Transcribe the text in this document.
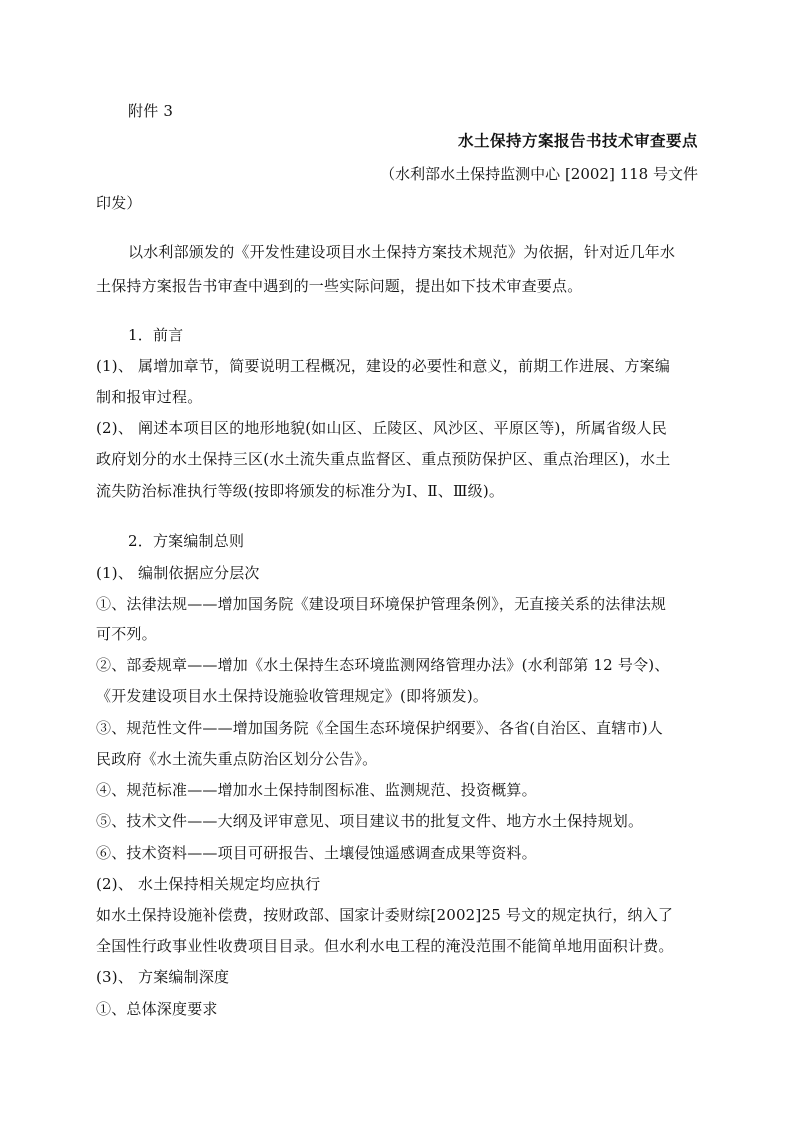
附件 3
水土保持方案报告书技术审查要点
（水利部水土保持监测中心 [2002] 118 号文件
印发）
以水利部颁发的《开发性建设项目水土保持方案技术规范》为依据，针对近几年水
土保持方案报告书审查中遇到的一些实际问题，提出如下技术审查要点。
1．前言
(1)、 属增加章节，简要说明工程概况，建设的必要性和意义，前期工作进展、方案编
制和报审过程。
(2)、 阐述本项目区的地形地貌(如山区、丘陵区、风沙区、平原区等)，所属省级人民
政府划分的水土保持三区(水土流失重点监督区、重点预防保护区、重点治理区)，水土
流失防治标准执行等级(按即将颁发的标准分为Ⅰ、Ⅱ、Ⅲ级)。
2．方案编制总则
(1)、 编制依据应分层次
①、法律法规——增加国务院《建设项目环境保护管理条例》，无直接关系的法律法规
可不列。
②、部委规章——增加《水土保持生态环境监测网络管理办法》(水利部第 12 号令)、
《开发建设项目水土保持设施验收管理规定》(即将颁发)。
③、规范性文件——增加国务院《全国生态环境保护纲要》、各省(自治区、直辖市)人
民政府《水土流失重点防治区划分公告》。
④、规范标准——增加水土保持制图标准、监测规范、投资概算。
⑤、技术文件——大纲及评审意见、项目建议书的批复文件、地方水土保持规划。
⑥、技术资料——项目可研报告、土壤侵蚀遥感调查成果等资料。
(2)、 水土保持相关规定均应执行
如水土保持设施补偿费，按财政部、国家计委财综[2002]25 号文的规定执行，纳入了
全国性行政事业性收费项目目录。但水利水电工程的淹没范围不能简单地用面积计费。
(3)、 方案编制深度
①、总体深度要求
